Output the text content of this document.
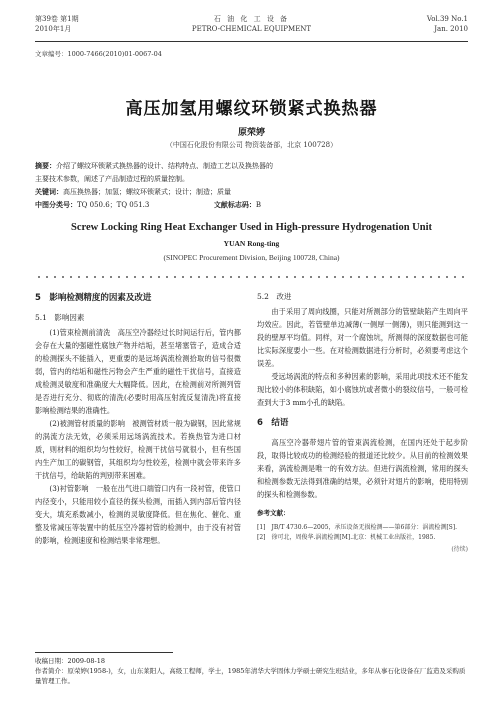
第39卷 第1期
2010年1月
石 油 化 工 设 备
PETRO-CHEMICAL EQUIPMENT
Vol.39 No.1
Jan. 2010
文章编号：1000-7466(2010)01-0067-04
高压加氢用螺纹环锁紧式换热器
原荣婷
（中国石化股份有限公司 物资装备部，北京 100728）
摘要：介绍了螺纹环锁紧式换热器的设计、结构特点、制造工艺以及换热器的
主要技术参数，阐述了产品制造过程的质量控制。
关键词：高压换热器；加氢；螺纹环锁紧式；设计；制造；质量
中图分类号：TQ 050.6；TQ 051.3	文献标志码：B
Screw Locking Ring Heat Exchanger Used in High-pressure Hydrogenation Unit
YUAN Rong-ting
(SINOPEC Procurement Division, Beijing 100728, China)
5　影响检测精度的因素及改进
5.1　影响因素

(1)管束检测前清洗　高压空冷器经过长时间运行后，管内都会存在大量的强磁性腐蚀产物并结垢，甚至堵塞管子，造成合适的检测探头不能插入，更重要的是远场涡流检测拾取的信号很微弱，管内的结垢和磁性污物会产生严重的磁性干扰信号，直接造成检测灵敏度和准确度大大幅降低。因此，在检测前对所测列管是否进行充分、彻底的清洗(必要时用高压射流反复清洗)将直接影响检测结果的准确性。

(2)被测管材质量的影响　被测管材质一般为碳钢，因此常规的涡流方法无效，必须采用远场涡流技术。若换热管为进口材质，则材料的组织均匀性较好，检测干扰信号就很小，但有些国内生产加工的碳钢管，其组织均匀性较差，检测中就会带来许多干扰信号，给缺陷的判别带来困难。

(3)衬管影响　一般在出气进口端管口内有一段衬管，使管口内径变小，只能用较小直径的探头检测，而插入到内部后管内径变大，填充系数减小，检测的灵敏度降低。但在焦化、催化、重整及常减压等装置中的低压空冷器衬管的检测中，由于没有衬管的影响，检测速度和检测结果非常理想。

5.2　改进

由于采用了周向线圈，只能对所测部分的管壁缺陷产生周向平均效应。因此，若管壁单边减薄(一侧厚一侧薄)，则只能测到这一段的壁厚平均值。同样，对一个腐蚀坑，所测得的深度数据也可能比实际深度要小一些。在对检测数据进行分析时，必须要考虑这个误差。

受远场涡流的特点和多种因素的影响，采用此项技术还不能发现比较小的体积缺陷，如小腐蚀坑或者微小的裂纹信号，一般可检查到大于3 mm小孔的缺陷。

6　结语

高压空冷器带翅片管的管束涡流检测，在国内还处于起步阶段，取得比较成功的检测经验的报道还比较少。从目前的检测效果来看，涡流检测是唯一的有效方法。但进行涡流检测，常用的探头和检测参数无法得到准确的结果，必须针对翅片的影响，使用特别的探头和检测参数。

参考文献：
[1]　JB/T 4730.6—2005，承压设备无损检测——第6部分：涡流检测[S].
[2]　徐可北，周俊华.涡流检测[M].北京：机械工业出版社，1985.
(待续)
收稿日期：2009-08-18
作者简介：原荣婷(1958-)，女，山东莱阳人，高级工程师，学士，1985年清华大学固体力学硕士研究生班结业，多年从事石化设备在厂监造及采购质量管理工作。
